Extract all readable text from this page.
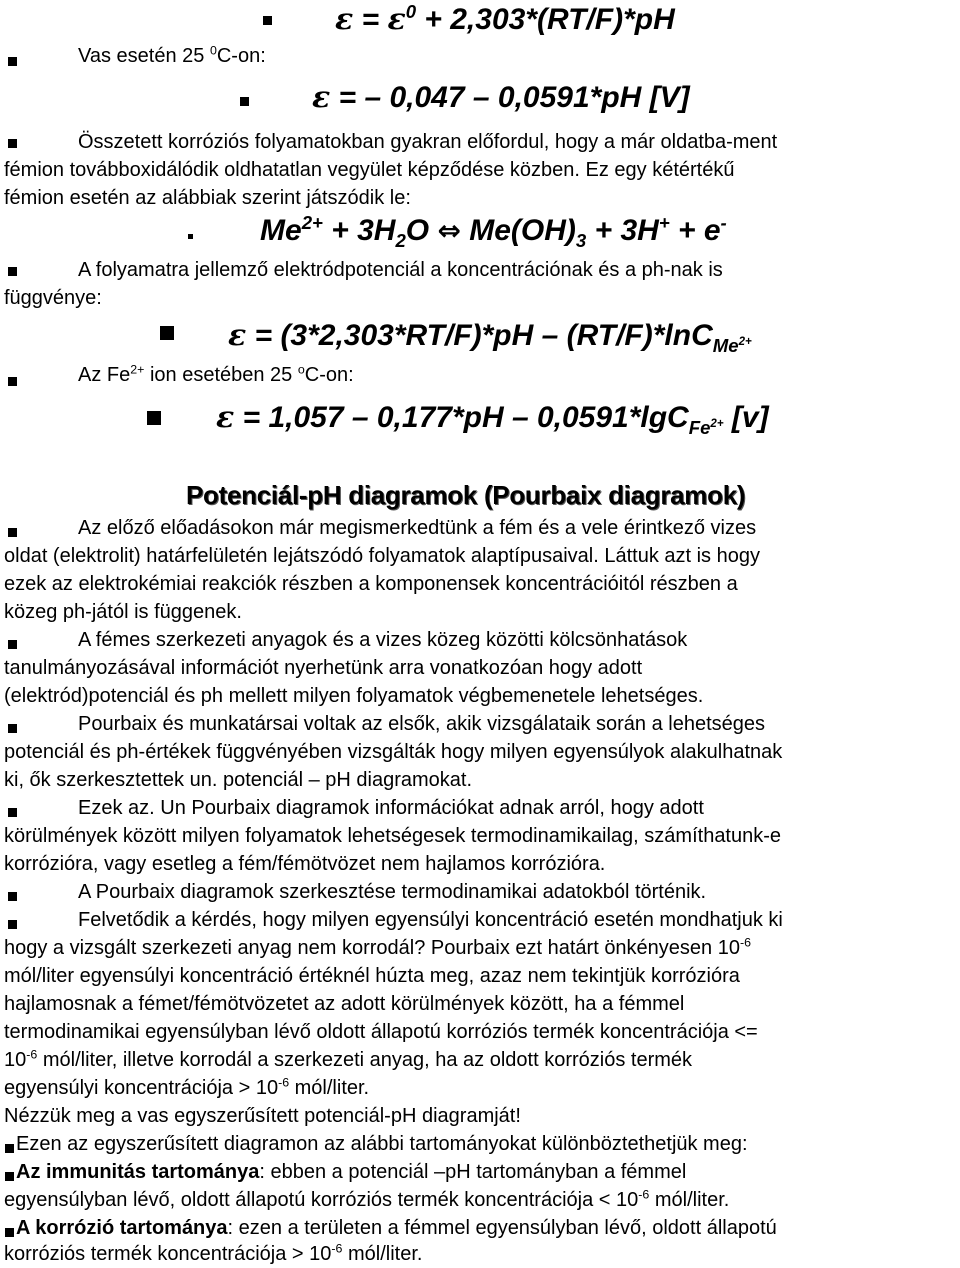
$\varepsilon = \varepsilon^0 + 2,303*(RT/F)*pH$
Vas esetén 25 $^0$C-on:
ε = – 0,047 – 0,0591*pH [V]
Összetett korróziós folyamatokban gyakran előfordul, hogy a már oldatba-ment
fémion továbboxidálódik oldhatatlan vegyület képződése közben. Ez egy kétértékű
fémion esetén az alábbiak szerint játszódik le:
$Me^{2+} + 3H_2O$ ⇔ $Me(OH)_3 + 3H^+ + e^-$
A folyamatra jellemző elektródpotenciál a koncentrációnak és a ph-nak is
függvénye:
ε = (3*2,303*RT/F)*pH – (RT/F)*lnC$_{Me^{2+}}$
Az $Fe^{2+}$ ion esetében 25 $^o$C-on:
ε = 1,057 – 0,177*pH – 0,0591*lgC$_{Fe^{2+}}$ [v]
Potenciál-pH diagramok (Pourbaix diagramok)
Az előző előadásokon már megismerkedtünk a fém és a vele érintkező vizes
oldat (elektrolit) határfelületén lejátszódó folyamatok alaptípusaival. Láttuk azt is hogy
ezek az elektrokémiai reakciók részben a komponensek koncentrációitól részben a
közeg ph-jától is függenek.
A fémes szerkezeti anyagok és a vizes közeg közötti kölcsönhatások
tanulmányozásával információt nyerhetünk arra vonatkozóan hogy adott
(elektród)potenciál és ph mellett milyen folyamatok végbemenetele lehetséges.
Pourbaix és munkatársai voltak az elsők, akik vizsgálataik során a lehetséges
potenciál és ph-értékek függvényében vizsgálták hogy milyen egyensúlyok alakulhatnak
ki, ők szerkesztettek un. potenciál – pH diagramokat.
Ezek az. Un Pourbaix diagramok információkat adnak arról, hogy adott
körülmények között milyen folyamatok lehetségesek termodinamikailag, számíthatunk-e
korrózióra, vagy esetleg a fém/fémötvözet nem hajlamos korrózióra.
A Pourbaix diagramok szerkesztése termodinamikai adatokból történik.
Felvetődik a kérdés, hogy milyen egyensúlyi koncentráció esetén mondhatjuk ki
hogy a vizsgált szerkezeti anyag nem korrodál? Pourbaix ezt határt önkényesen $10^{-6}$
mól/liter egyensúlyi koncentráció értéknél húzta meg, azaz nem tekintjük korrózióra
hajlamosnak a fémet/fémötvözetet az adott körülmények között, ha a fémmel
termodinamikai egyensúlyban lévő oldott állapotú korróziós termék koncentrációja <=
$10^{-6}$ mól/liter, illetve korrodál a szerkezeti anyag, ha az oldott korróziós termék
egyensúlyi koncentrációja > $10^{-6}$ mól/liter.
Nézzük meg a vas egyszerűsített potenciál-pH diagramját!
Ezen az egyszerűsített diagramon az alábbi tartományokat különböztethetjük meg:
Az immunitás tartománya: ebben a potenciál –pH tartományban a fémmel
egyensúlyban lévő, oldott állapotú korróziós termék koncentrációja < $10^{-6}$ mól/liter.
A korrózió tartománya: ezen a területen a fémmel egyensúlyban lévő, oldott állapotú
korróziós termék koncentrációja > $10^{-6}$ mól/liter.
